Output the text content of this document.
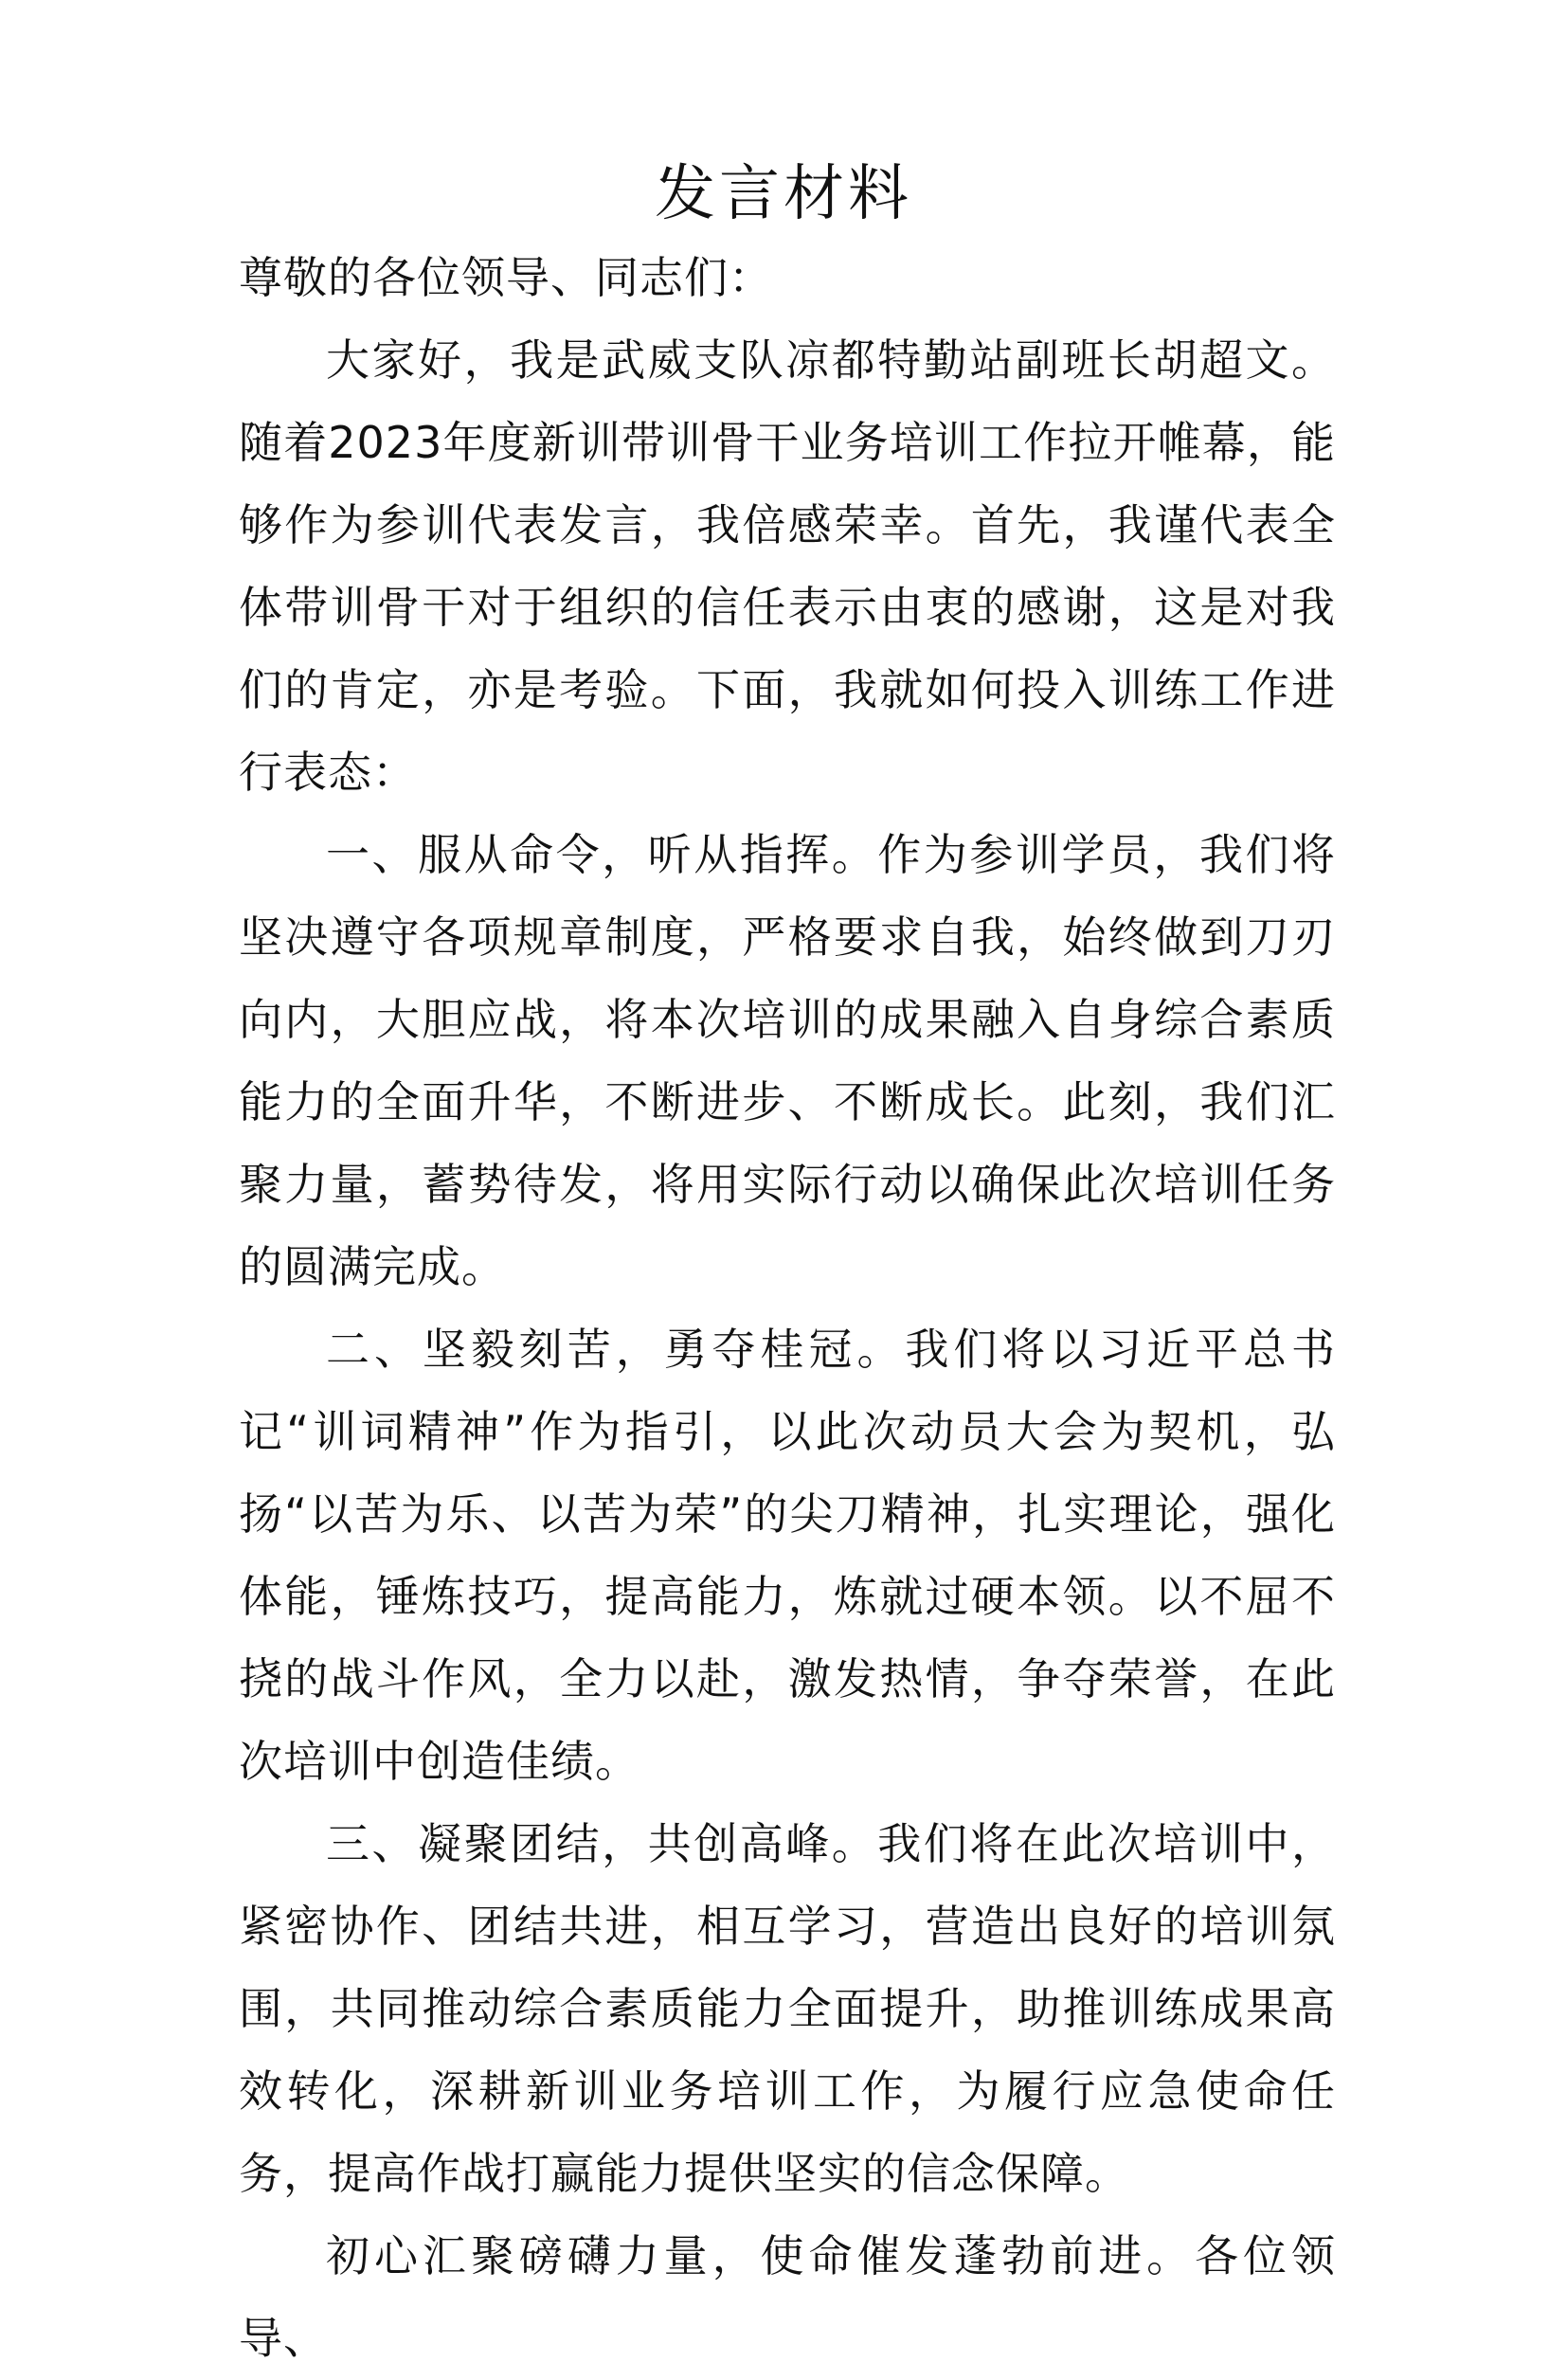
发言材料

尊敬的各位领导、同志们：

大家好，我是武威支队凉都特勤站副班长胡超文。随着2023年度新训带训骨干业务培训工作拉开帷幕，能够作为参训代表发言，我倍感荣幸。首先，我谨代表全体带训骨干对于组织的信任表示由衷的感谢，这是对我们的肯定，亦是考验。下面，我就如何投入训练工作进行表态：

一、服从命令，听从指挥。作为参训学员，我们将坚决遵守各项规章制度，严格要求自我，始终做到刀刃向内，大胆应战，将本次培训的成果融入自身综合素质能力的全面升华，不断进步、不断成长。此刻，我们汇聚力量，蓄势待发，将用实际行动以确保此次培训任务的圆满完成。

二、坚毅刻苦，勇夺桂冠。我们将以习近平总书记“训词精神”作为指引，以此次动员大会为契机，弘扬“以苦为乐、以苦为荣”的尖刀精神，扎实理论，强化体能，锤炼技巧，提高能力，炼就过硬本领。以不屈不挠的战斗作风，全力以赴，激发热情，争夺荣誉，在此次培训中创造佳绩。

三、凝聚团结，共创高峰。我们将在此次培训中，紧密协作、团结共进，相互学习，营造出良好的培训氛围，共同推动综合素质能力全面提升，助推训练成果高效转化，深耕新训业务培训工作，为履行应急使命任务，提高作战打赢能力提供坚实的信念保障。

初心汇聚磅礴力量，使命催发蓬勃前进。各位领导、
